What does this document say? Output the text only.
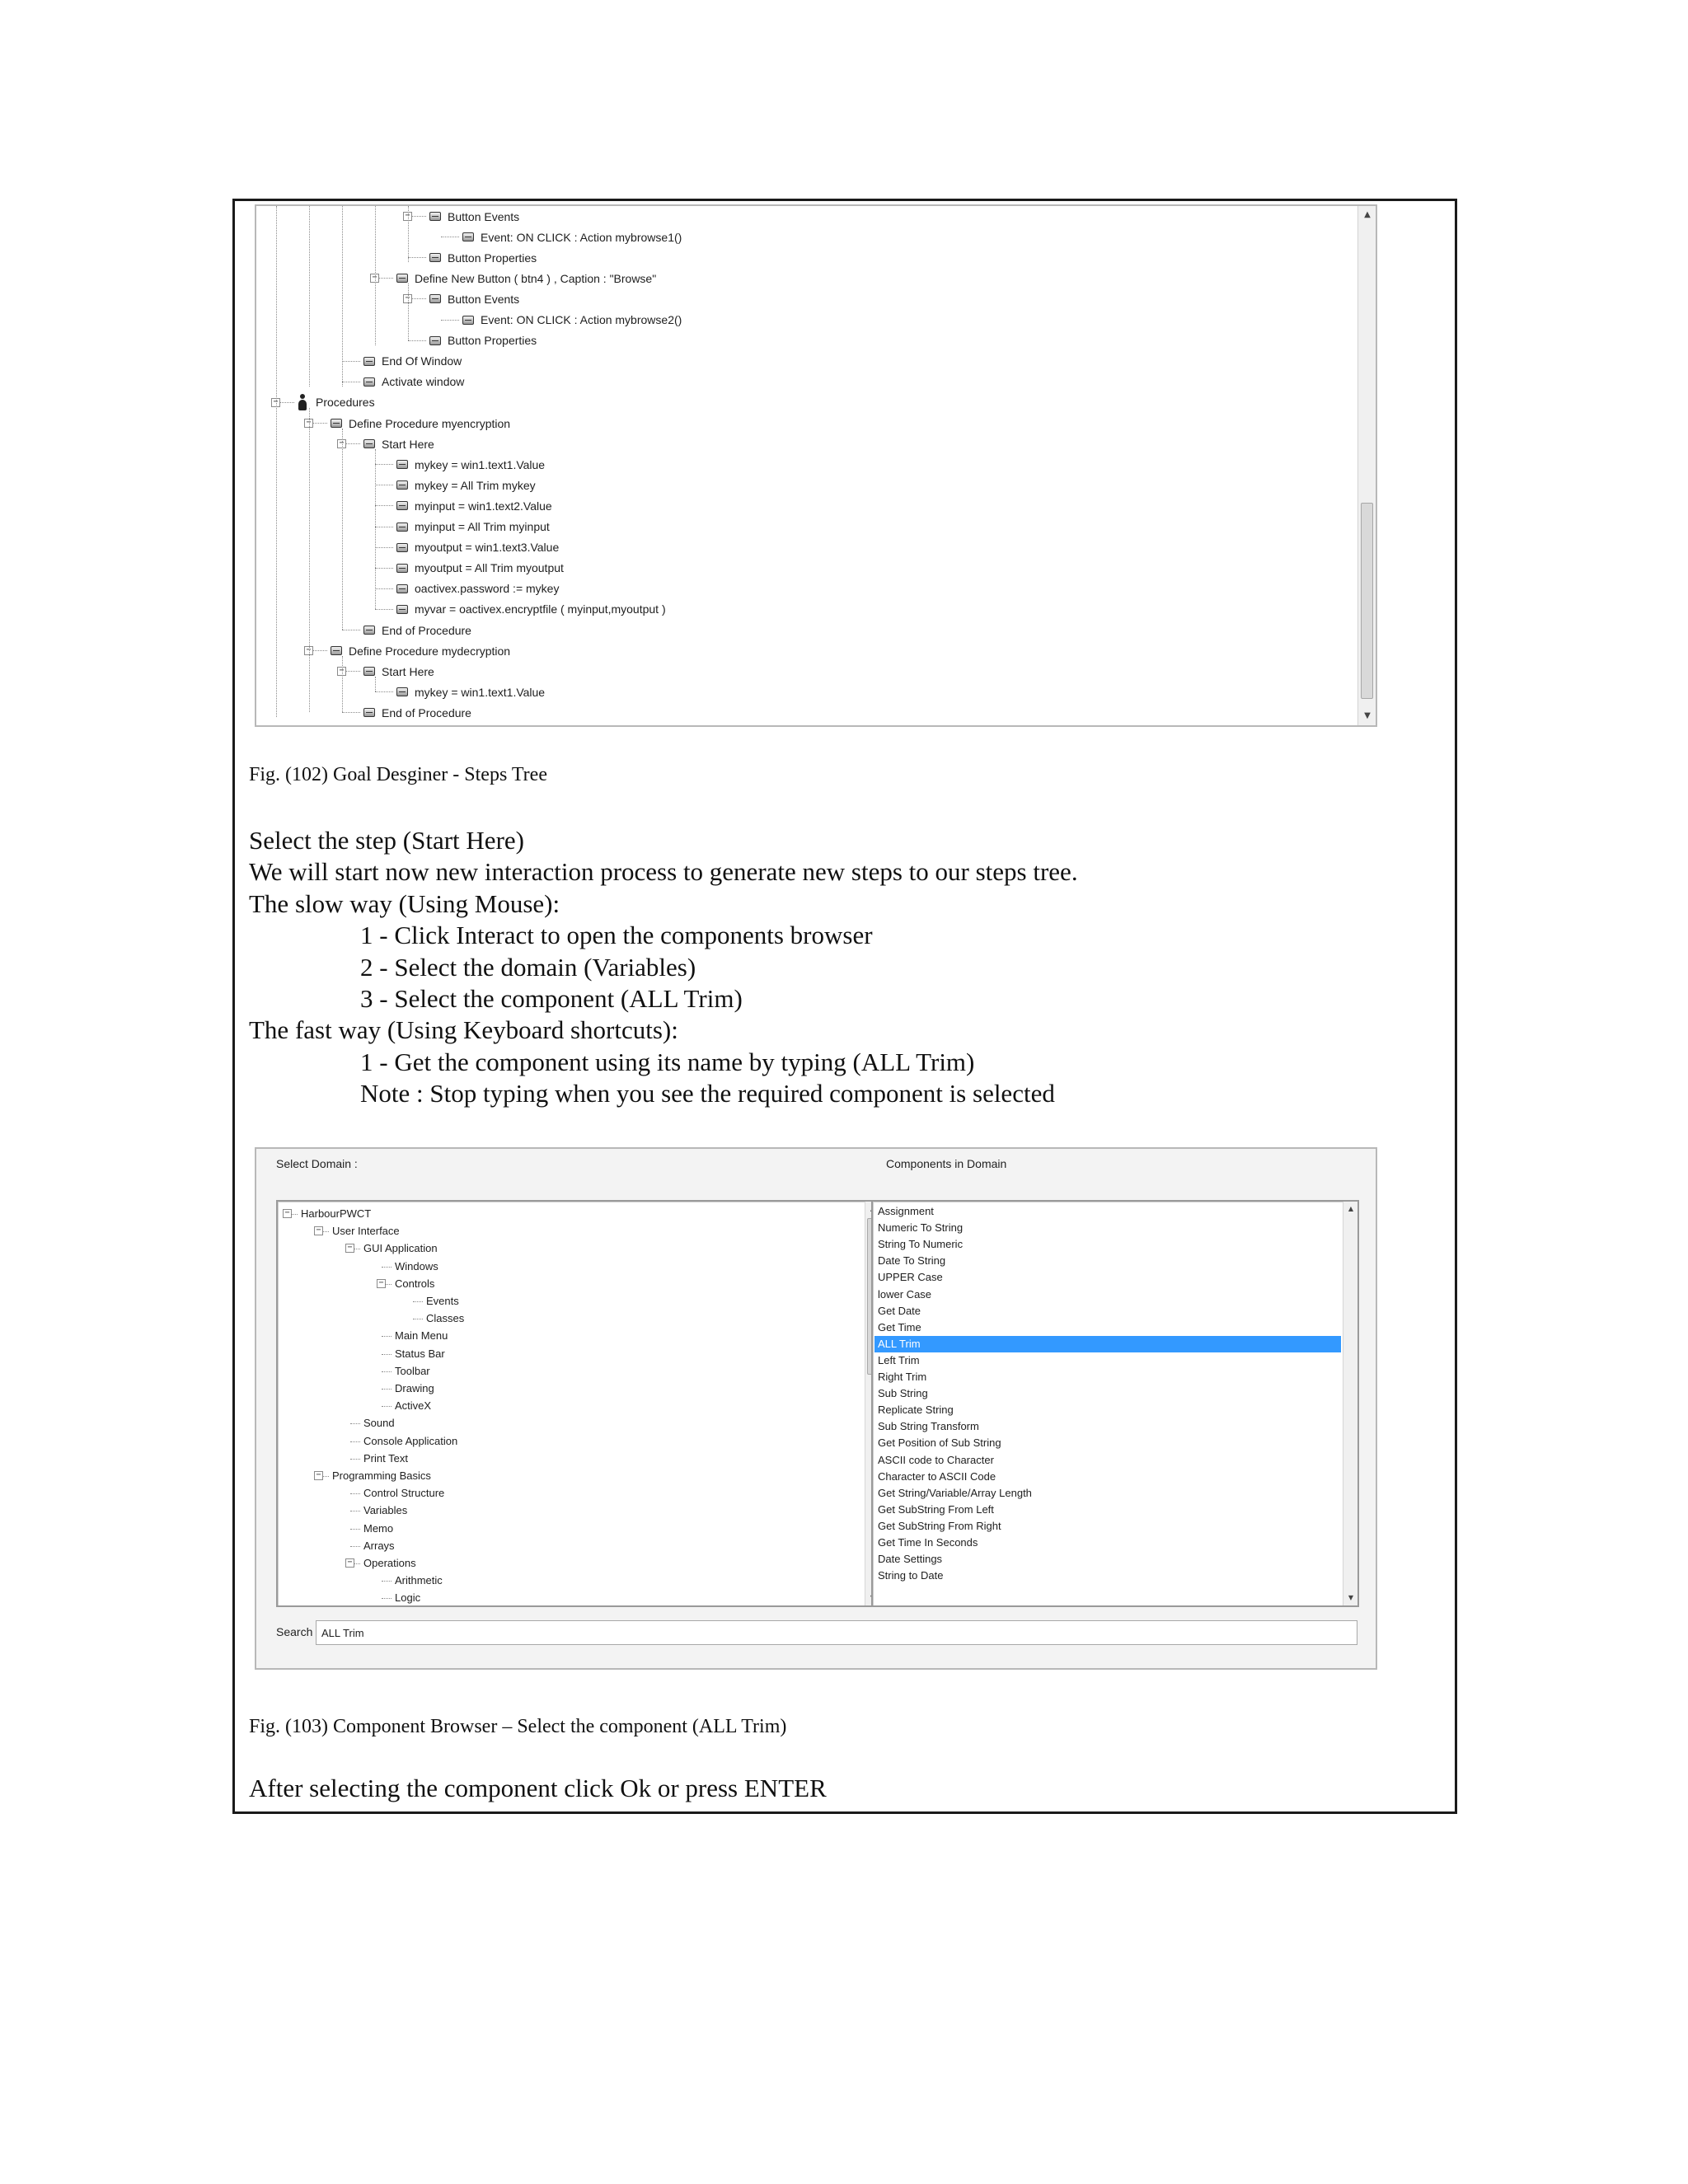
Button Events
−
Event: ON CLICK : Action mybrowse1()
Button Properties
Define New Button ( btn4 ) , Caption : "Browse"
−
Button Events
−
Event: ON CLICK : Action mybrowse2()
Button Properties
End Of Window
Activate window
Procedures
−
Define Procedure myencryption
−
Start Here
−
mykey = win1.text1.Value
mykey = All Trim mykey
myinput = win1.text2.Value
myinput = All Trim myinput
myoutput = win1.text3.Value
myoutput = All Trim myoutput
oactivex.password := mykey
myvar = oactivex.encryptfile ( myinput,myoutput )
End of Procedure
Define Procedure mydecryption
−
Start Here
−
mykey = win1.text1.Value
End of Procedure
▲
▼
Fig. (102) Goal Desginer - Steps Tree
Select the step (Start Here)
We will start now new interaction process to generate new steps to our steps tree.
The slow way (Using Mouse):
1 - Click Interact to open the components browser
2 - Select the domain (Variables)
3 - Select the component (ALL Trim)
The fast way (Using Keyboard shortcuts):
1 - Get the component using its name by typing (ALL Trim)
Note : Stop typing when you see the required component is selected
Select Domain :	Components in Domain
HarbourPWCT
−
User Interface
−
GUI Application
−
Windows
Controls
−
Events
Classes
Main Menu
Status Bar
Toolbar
Drawing
ActiveX
Sound
Console Application
Print Text
Programming Basics
−
Control Structure
Variables
Memo
Arrays
Operations
−
Arithmetic
Logic
Assignment
Numeric To String
String To Numeric
Date To String
UPPER Case
lower Case
Get Date
Get Time
ALL Trim
Left Trim
Right Trim
Sub String
Replicate String
Sub String Transform
Get Position of Sub String
ASCII code to Character
Character to ASCII Code
Get String/Variable/Array Length
Get SubString From Left
Get SubString From Right
Get Time In Seconds
Date Settings
String to Date
▲
▼
Search
ALL Trim
Fig. (103) Component Browser – Select the component (ALL Trim)
After selecting the component click Ok or press ENTER
